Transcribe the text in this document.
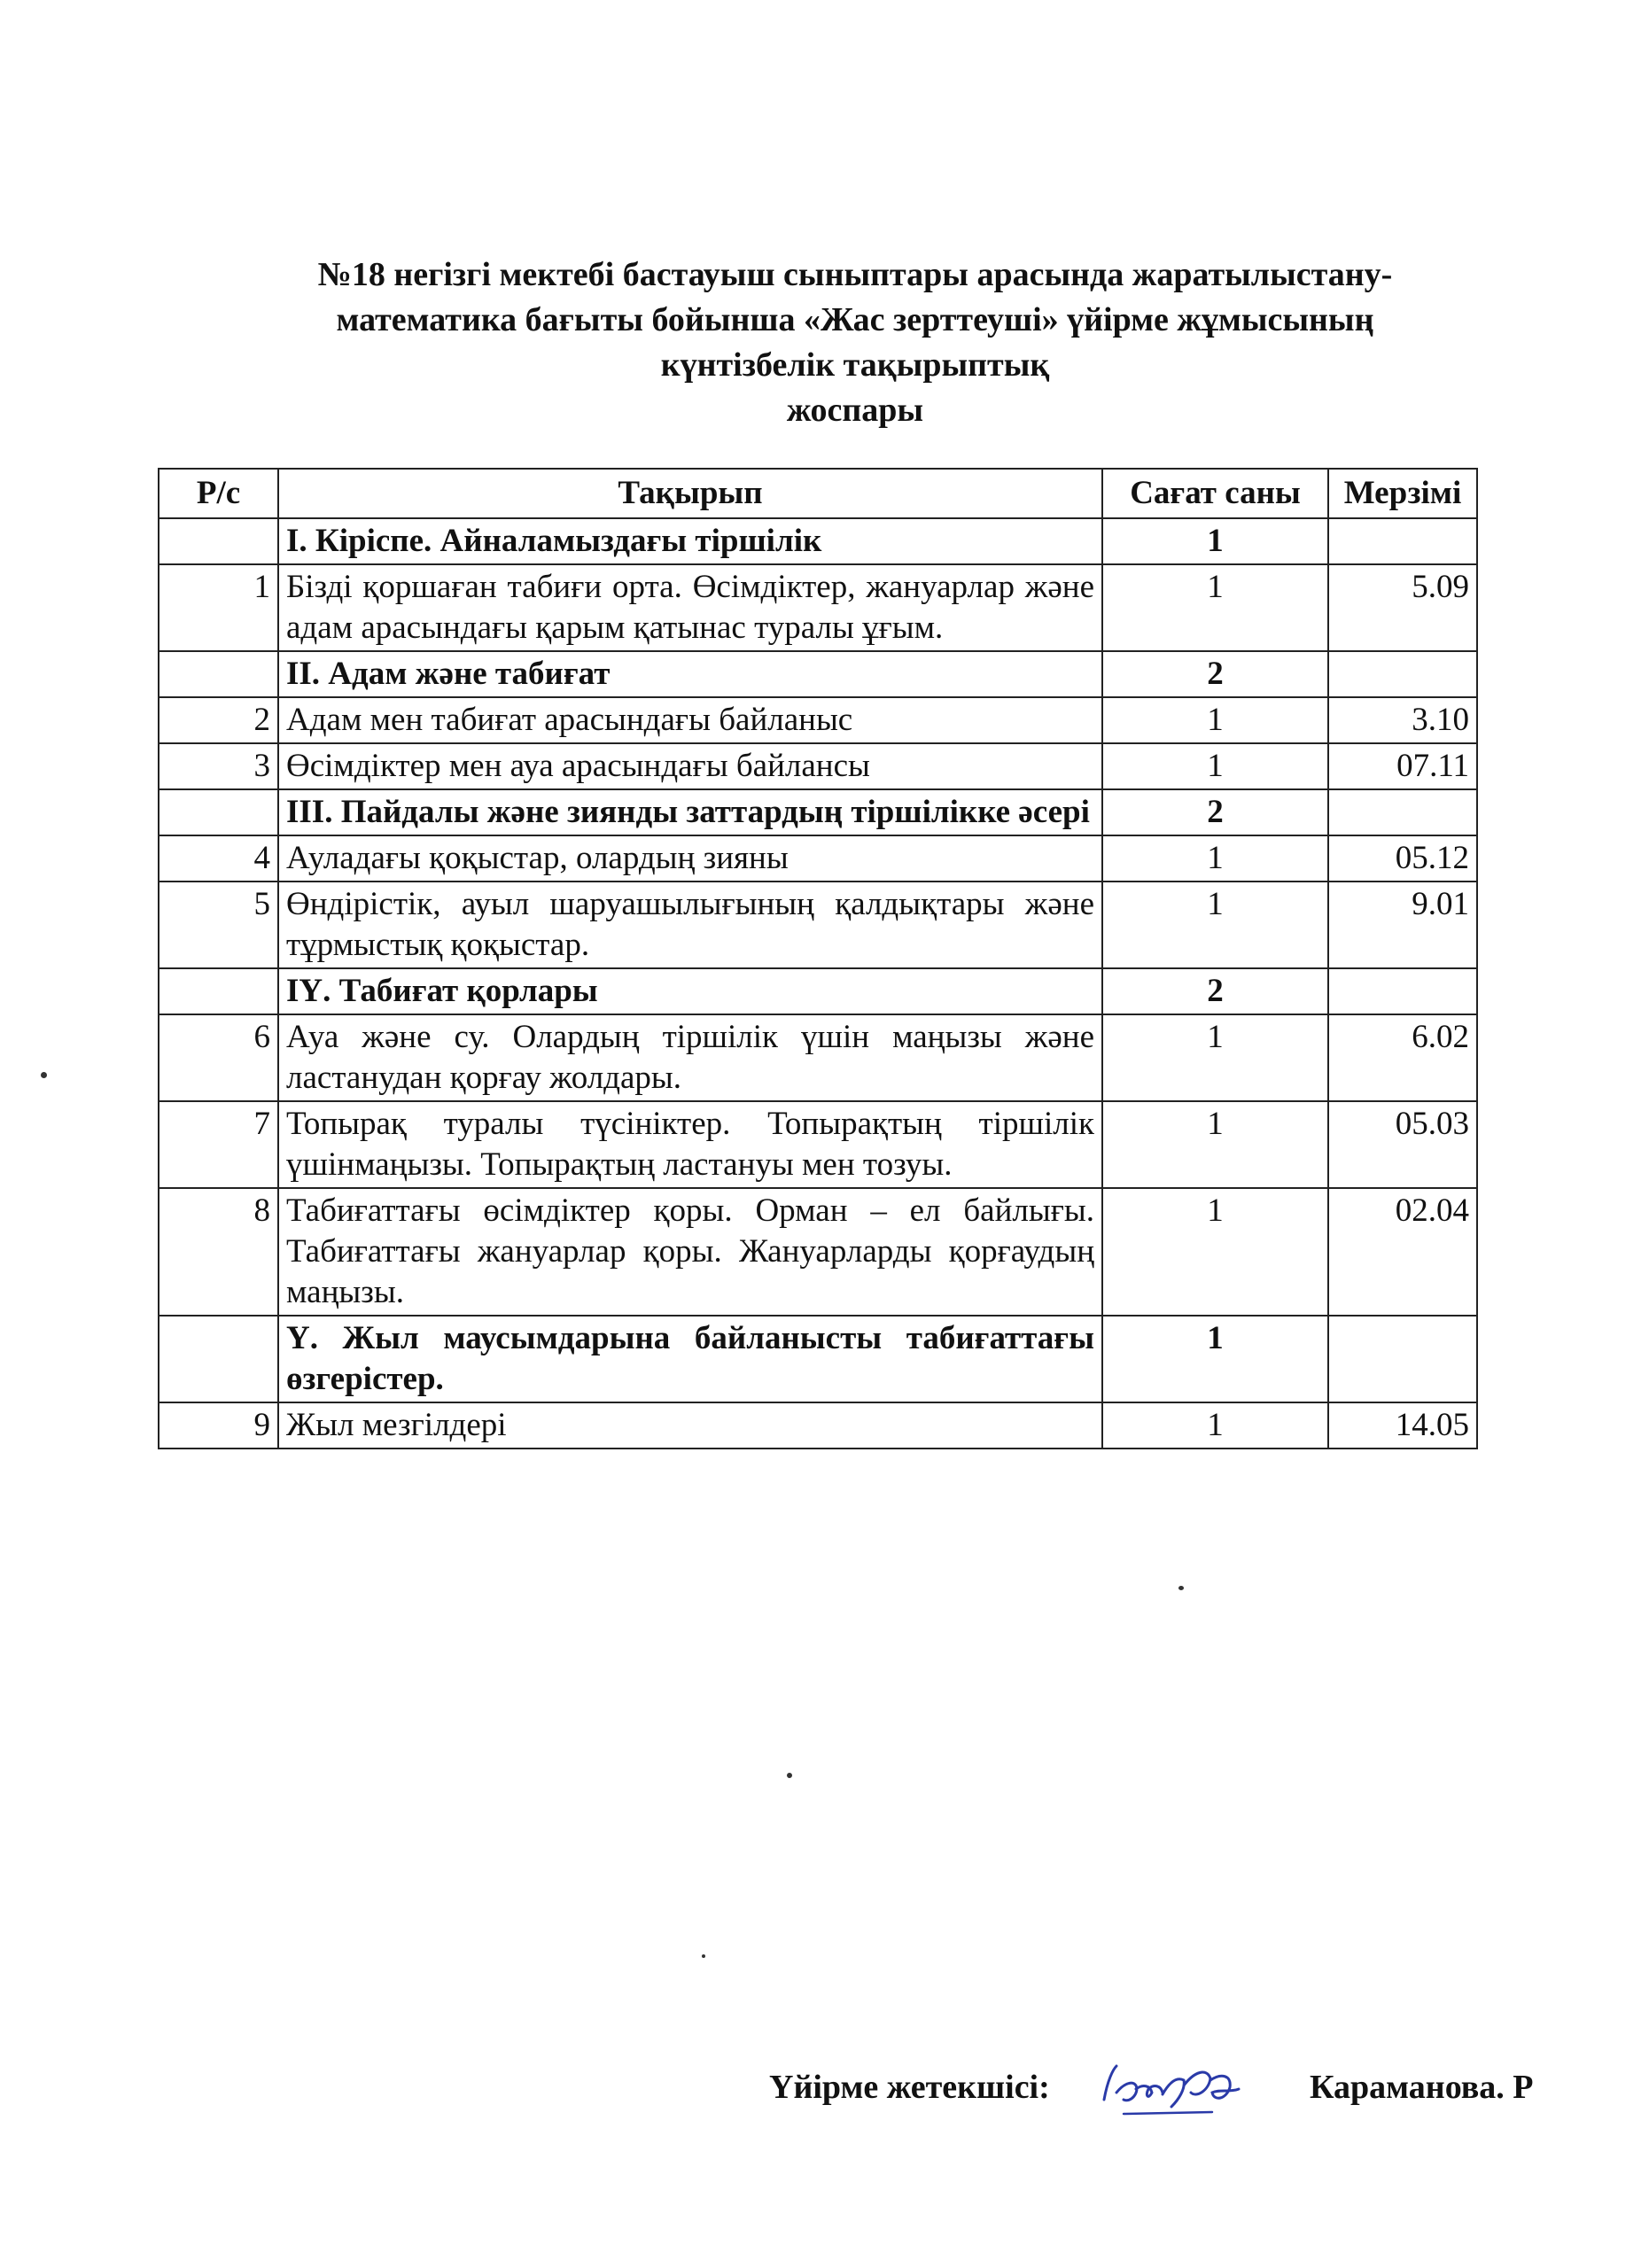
№18 негізгі мектебі бастауыш сыныптары арасында жаратылыстану-
математика бағыты бойынша «Жас зерттеуші» үйірме жұмысының
күнтізбелік тақырыптық
жоспары
Р/с	Тақырып	Сағат саны	Мерзімі
	І. Кіріспе. Айналамыздағы тіршілік	1	
1	Бізді қоршаған табиғи орта. Өсімдіктер, жануарлар және адам арасындағы қарым қатынас туралы ұғым.	1	5.09
	ІІ. Адам және табиғат	2	
2	Адам мен табиғат арасындағы байланыс	1	3.10
3	Өсімдіктер мен ауа арасындағы байлансы	1	07.11
	ІІІ. Пайдалы және зиянды заттардың тіршілікке әсері	2	
4	Ауладағы қоқыстар, олардың зияны	1	05.12
5	Өндірістік, ауыл шаруашылығының қалдықтары және тұрмыстық қоқыстар.	1	9.01
	ІҮ. Табиғат қорлары	2	
6	Ауа және су. Олардың тіршілік үшін маңызы және ластанудан қорғау жолдары.	1	6.02
7	Топырақ туралы түсініктер. Топырақтың тіршілік үшінмаңызы. Топырақтың ластануы мен тозуы.	1	05.03
8	Табиғаттағы өсімдіктер қоры. Орман – ел байлығы. Табиғаттағы жануарлар қоры. Жануарларды қорғаудың маңызы.	1	02.04
	Ү. Жыл маусымдарына байланысты табиғаттағы өзгерістер.	1	
9	Жыл мезгілдері	1	14.05
Үйірме жетекшісі:	Караманова. Р
